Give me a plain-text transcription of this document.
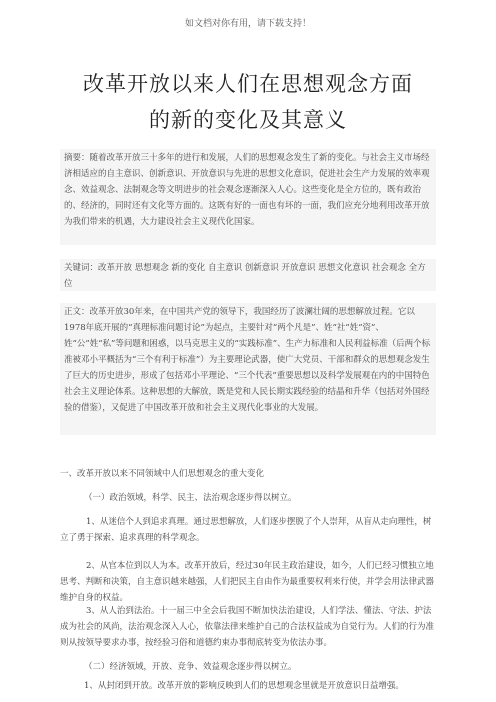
如文档对你有用，请下载支持！
改革开放以来人们在思想观念方面
的新的变化及其意义
摘要：随着改革开放三十多年的进行和发展，人们的思想观念发生了新的变化。与社会主义市场经济相适应的自主意识、创新意识、开放意识与先进的思想文化意识，促进社会生产力发展的效率观念、效益观念、法制观念等文明进步的社会观念逐渐深入人心。这些变化是全方位的，既有政治的、经济的，同时还有文化等方面的。这既有好的一面也有坏的一面，我们应充分地利用改革开放为我们带来的机遇，大力建设社会主义现代化国家。
关键词：改革开放 思想观念 新的变化 自主意识 创新意识 开放意识 思想文化意识 社会观念 全方位
正文：改革开放30年来，在中国共产党的领导下，我国经历了波澜壮阔的思想解放过程。它以1978年底开展的“真理标准问题讨论”为起点，主要针对“两个凡是”、姓“社”姓“资”、姓“公”姓“私”等问题和困惑，以马克思主义的“实践标准”、生产力标准和人民利益标准（后两个标准被邓小平概括为“三个有利于标准”）为主要理论武器，使广大党员、干部和群众的思想观念发生了巨大的历史进步，形成了包括邓小平理论、“三个代表”重要思想以及科学发展观在内的中国特色社会主义理论体系。这种思想的大解放，既是党和人民长期实践经验的结晶和升华（包括对外国经验的借鉴），又促进了中国改革开放和社会主义现代化事业的大发展。
一、改革开放以来不同领域中人们思想观念的重大变化
（一）政治领域，科学、民主、法治观念逐步得以树立。
1、从迷信个人到追求真理。通过思想解放，人们逐步摆脱了个人崇拜，从盲从走向理性，树立了勇于探索、追求真理的科学观念。
2、从官本位到以人为本。改革开放后，经过30年民主政治建设，如今，人们已经习惯独立地思考、判断和决策，自主意识越来越强，人们把民主自由作为最重要权利来行使，并学会用法律武器维护自身的权益。
3、从人治到法治。十一届三中全会后我国不断加快法治建设，人们学法、懂法、守法、护法成为社会的风尚，法治观念深入人心，依靠法律来维护自己的合法权益成为自觉行为。人们的行为准则从按领导要求办事，按经验习俗和道德约束办事彻底转变为依法办事。
（二）经济领域，开放、竞争、效益观念逐步得以树立。
1、从封闭到开放。改革开放的影响反映到人们的思想观念里就是开放意识日益增强。
